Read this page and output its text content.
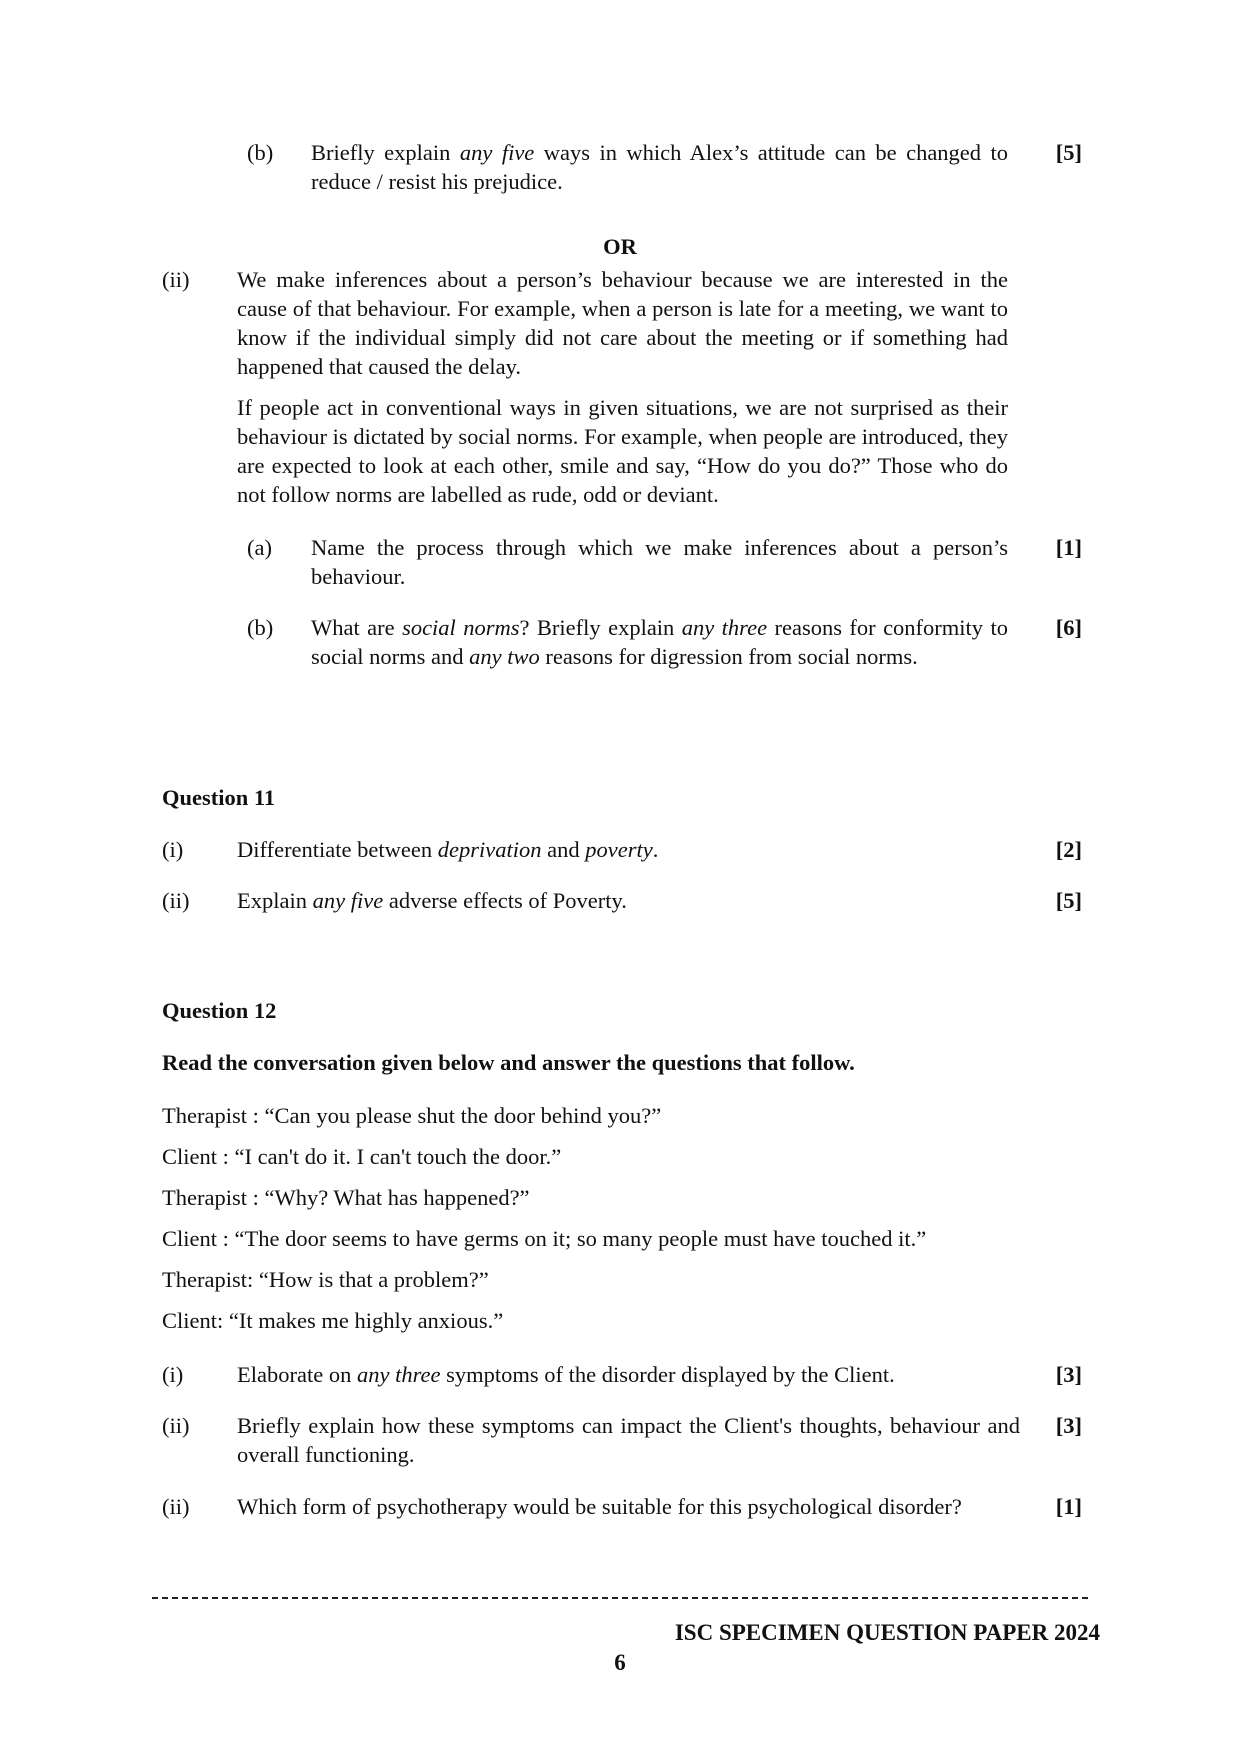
(b) Briefly explain any five ways in which Alex’s attitude can be changed to reduce / resist his prejudice.
[5]
OR
(ii) We make inferences about a person’s behaviour because we are interested in the cause of that behaviour. For example, when a person is late for a meeting, we want to know if the individual simply did not care about the meeting or if something had happened that caused the delay.
If people act in conventional ways in given situations, we are not surprised as their behaviour is dictated by social norms. For example, when people are introduced, they are expected to look at each other, smile and say, “How do you do?” Those who do not follow norms are labelled as rude, odd or deviant.
(a) Name the process through which we make inferences about a person’s behaviour.
[1]
(b) What are social norms? Briefly explain any three reasons for conformity to social norms and any two reasons for digression from social norms.
[6]
Question 11
(i) Differentiate between deprivation and poverty.	[2]
(ii) Explain any five adverse effects of Poverty.	[5]
Question 12
Read the conversation given below and answer the questions that follow.
Therapist : “Can you please shut the door behind you?”
Client : “I can't do it. I can't touch the door.”
Therapist : “Why? What has happened?”
Client : “The door seems to have germs on it; so many people must have touched it.”
Therapist: “How is that a problem?”
Client: “It makes me highly anxious.”
(i) Elaborate on any three symptoms of the disorder displayed by the Client.	[3]
(ii) Briefly explain how these symptoms can impact the Client's thoughts, behaviour and overall functioning.
[3]
(ii) Which form of psychotherapy would be suitable for this psychological disorder?	[1]
ISC SPECIMEN QUESTION PAPER 2024
6
